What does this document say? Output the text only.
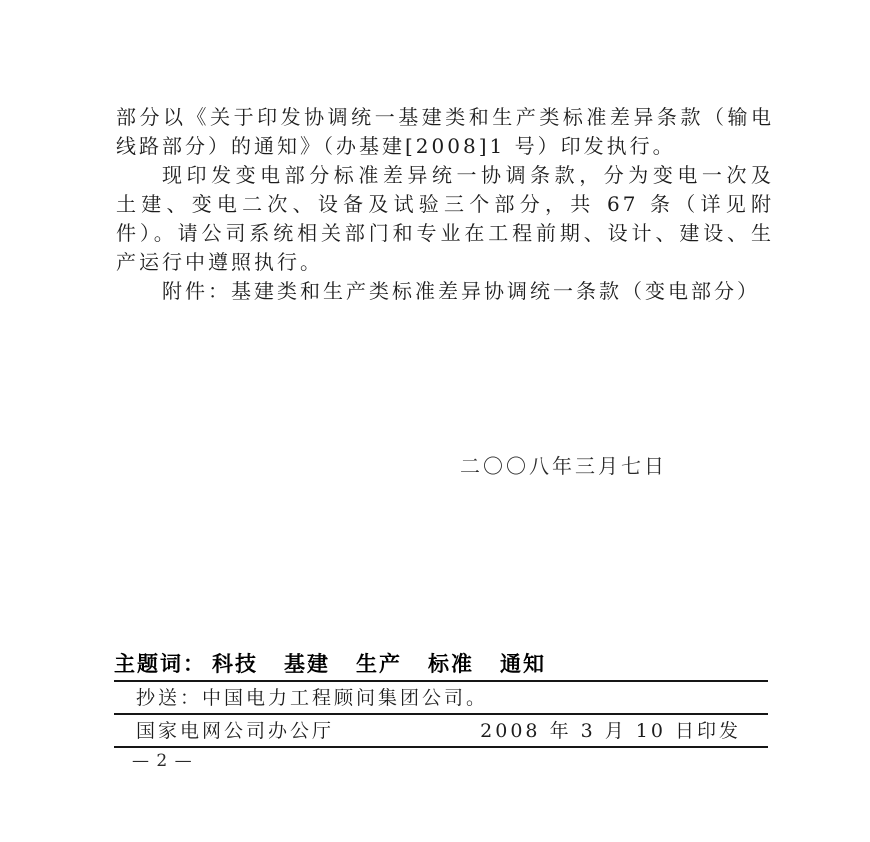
部分以《关于印发协调统一基建类和生产类标准差异条款（输电
线路部分）的通知》（办基建[2008]1 号）印发执行。

现印发变电部分标准差异统一协调条款，分为变电一次及
土建、变电二次、设备及试验三个部分，共 67 条（详见附
件）。请公司系统相关部门和专业在工程前期、设计、建设、生
产运行中遵照执行。

附件：基建类和生产类标准差异协调统一条款（变电部分）

二〇〇八年三月七日
主题词： 科技 基建 生产 标准 通知
抄送：中国电力工程顾问集团公司。
国家电网公司办公厅	2008 年 3 月 10 日印发
— 2 —
